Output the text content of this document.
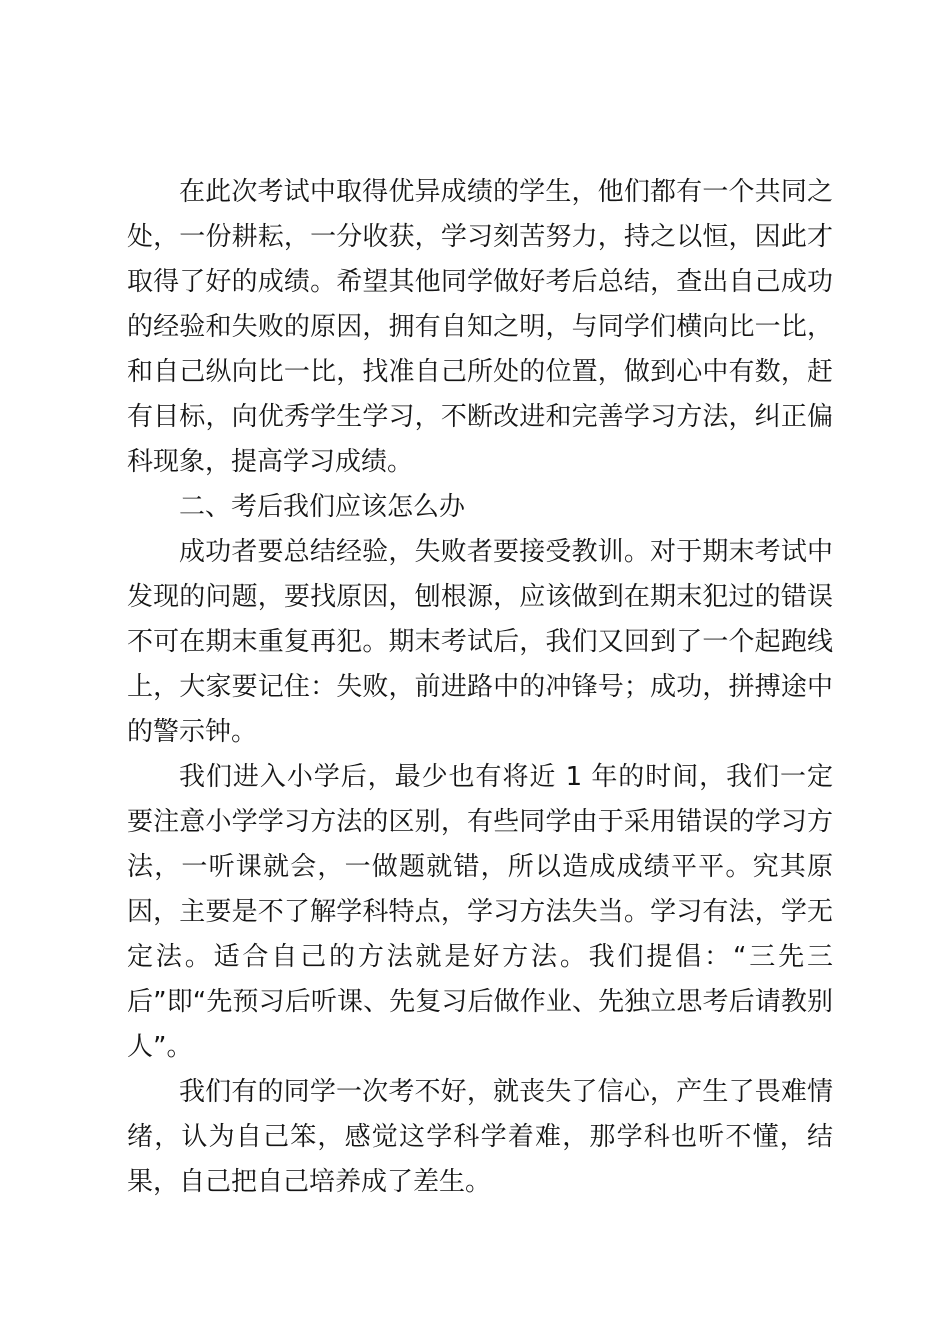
在此次考试中取得优异成绩的学生，他们都有一个共同之处，一份耕耘，一分收获，学习刻苦努力，持之以恒，因此才取得了好的成绩。希望其他同学做好考后总结，查出自己成功的经验和失败的原因，拥有自知之明，与同学们横向比一比，和自己纵向比一比，找准自己所处的位置，做到心中有数，赶有目标，向优秀学生学习，不断改进和完善学习方法，纠正偏科现象，提高学习成绩。

二、考后我们应该怎么办

成功者要总结经验，失败者要接受教训。对于期末考试中发现的问题，要找原因，刨根源，应该做到在期末犯过的错误不可在期末重复再犯。期末考试后，我们又回到了一个起跑线上，大家要记住：失败，前进路中的冲锋号；成功，拼搏途中的警示钟。

我们进入小学后，最少也有将近 1 年的时间，我们一定要注意小学学习方法的区别，有些同学由于采用错误的学习方法，一听课就会，一做题就错，所以造成成绩平平。究其原因，主要是不了解学科特点，学习方法失当。学习有法，学无定法。适合自己的方法就是好方法。我们提倡：“三先三后”即“先预习后听课、先复习后做作业、先独立思考后请教别人”。

我们有的同学一次考不好，就丧失了信心，产生了畏难情绪，认为自己笨，感觉这学科学着难，那学科也听不懂，结果，自己把自己培养成了差生。
